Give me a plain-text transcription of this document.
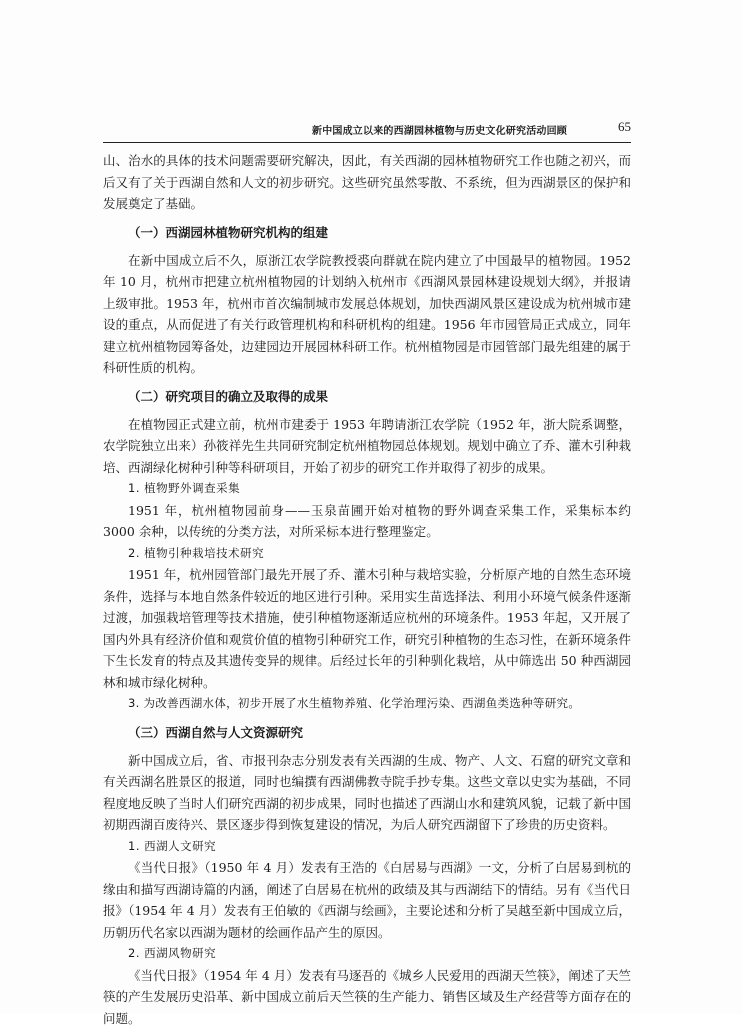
新中国成立以来的西湖园林植物与历史文化研究活动回顾	65

山、治水的具体的技术问题需要研究解决，因此，有关西湖的园林植物研究工作也随之初兴，而后又有了关于西湖自然和人文的初步研究。这些研究虽然零散、不系统，但为西湖景区的保护和发展奠定了基础。

（一）西湖园林植物研究机构的组建

在新中国成立后不久，原浙江农学院教授裘向群就在院内建立了中国最早的植物园。1952 年 10 月，杭州市把建立杭州植物园的计划纳入杭州市《西湖风景园林建设规划大纲》，并报请上级审批。1953 年，杭州市首次编制城市发展总体规划，加快西湖风景区建设成为杭州城市建设的重点，从而促进了有关行政管理机构和科研机构的组建。1956 年市园管局正式成立，同年建立杭州植物园筹备处，边建园边开展园林科研工作。杭州植物园是市园管部门最先组建的属于科研性质的机构。

（二）研究项目的确立及取得的成果

在植物园正式建立前，杭州市建委于 1953 年聘请浙江农学院（1952 年，浙大院系调整，农学院独立出来）孙筱祥先生共同研究制定杭州植物园总体规划。规划中确立了乔、灌木引种栽培、西湖绿化树种引种等科研项目，开始了初步的研究工作并取得了初步的成果。

1. 植物野外调查采集

1951 年，杭州植物园前身——玉泉苗圃开始对植物的野外调查采集工作，采集标本约 3000 余种，以传统的分类方法，对所采标本进行整理鉴定。

2. 植物引种栽培技术研究

1951 年，杭州园管部门最先开展了乔、灌木引种与栽培实验，分析原产地的自然生态环境条件，选择与本地自然条件较近的地区进行引种。采用实生苗选择法、利用小环境气候条件逐渐过渡，加强栽培管理等技术措施，使引种植物逐渐适应杭州的环境条件。1953 年起，又开展了国内外具有经济价值和观赏价值的植物引种研究工作，研究引种植物的生态习性，在新环境条件下生长发育的特点及其遗传变异的规律。后经过长年的引种驯化栽培，从中筛选出 50 种西湖园林和城市绿化树种。

3. 为改善西湖水体，初步开展了水生植物养殖、化学治理污染、西湖鱼类选种等研究。
（三）西湖自然与人文资源研究

新中国成立后，省、市报刊杂志分别发表有关西湖的生成、物产、人文、石窟的研究文章和有关西湖名胜景区的报道，同时也编撰有西湖佛教寺院手抄专集。这些文章以史实为基础，不同程度地反映了当时人们研究西湖的初步成果，同时也描述了西湖山水和建筑风貌，记载了新中国初期西湖百废待兴、景区逐步得到恢复建设的情况，为后人研究西湖留下了珍贵的历史资料。

1. 西湖人文研究

《当代日报》（1950 年 4 月）发表有王浩的《白居易与西湖》一文，分析了白居易到杭的缘由和描写西湖诗篇的内涵，阐述了白居易在杭州的政绩及其与西湖结下的情结。另有《当代日报》（1954 年 4 月）发表有王伯敏的《西湖与绘画》，主要论述和分析了吴越至新中国成立后，历朝历代名家以西湖为题材的绘画作品产生的原因。

2. 西湖风物研究

《当代日报》（1954 年 4 月）发表有马逐吾的《城乡人民爱用的西湖天竺筷》，阐述了天竺筷的产生发展历史沿革、新中国成立前后天竺筷的生产能力、销售区域及生产经营等方面存在的问题。
